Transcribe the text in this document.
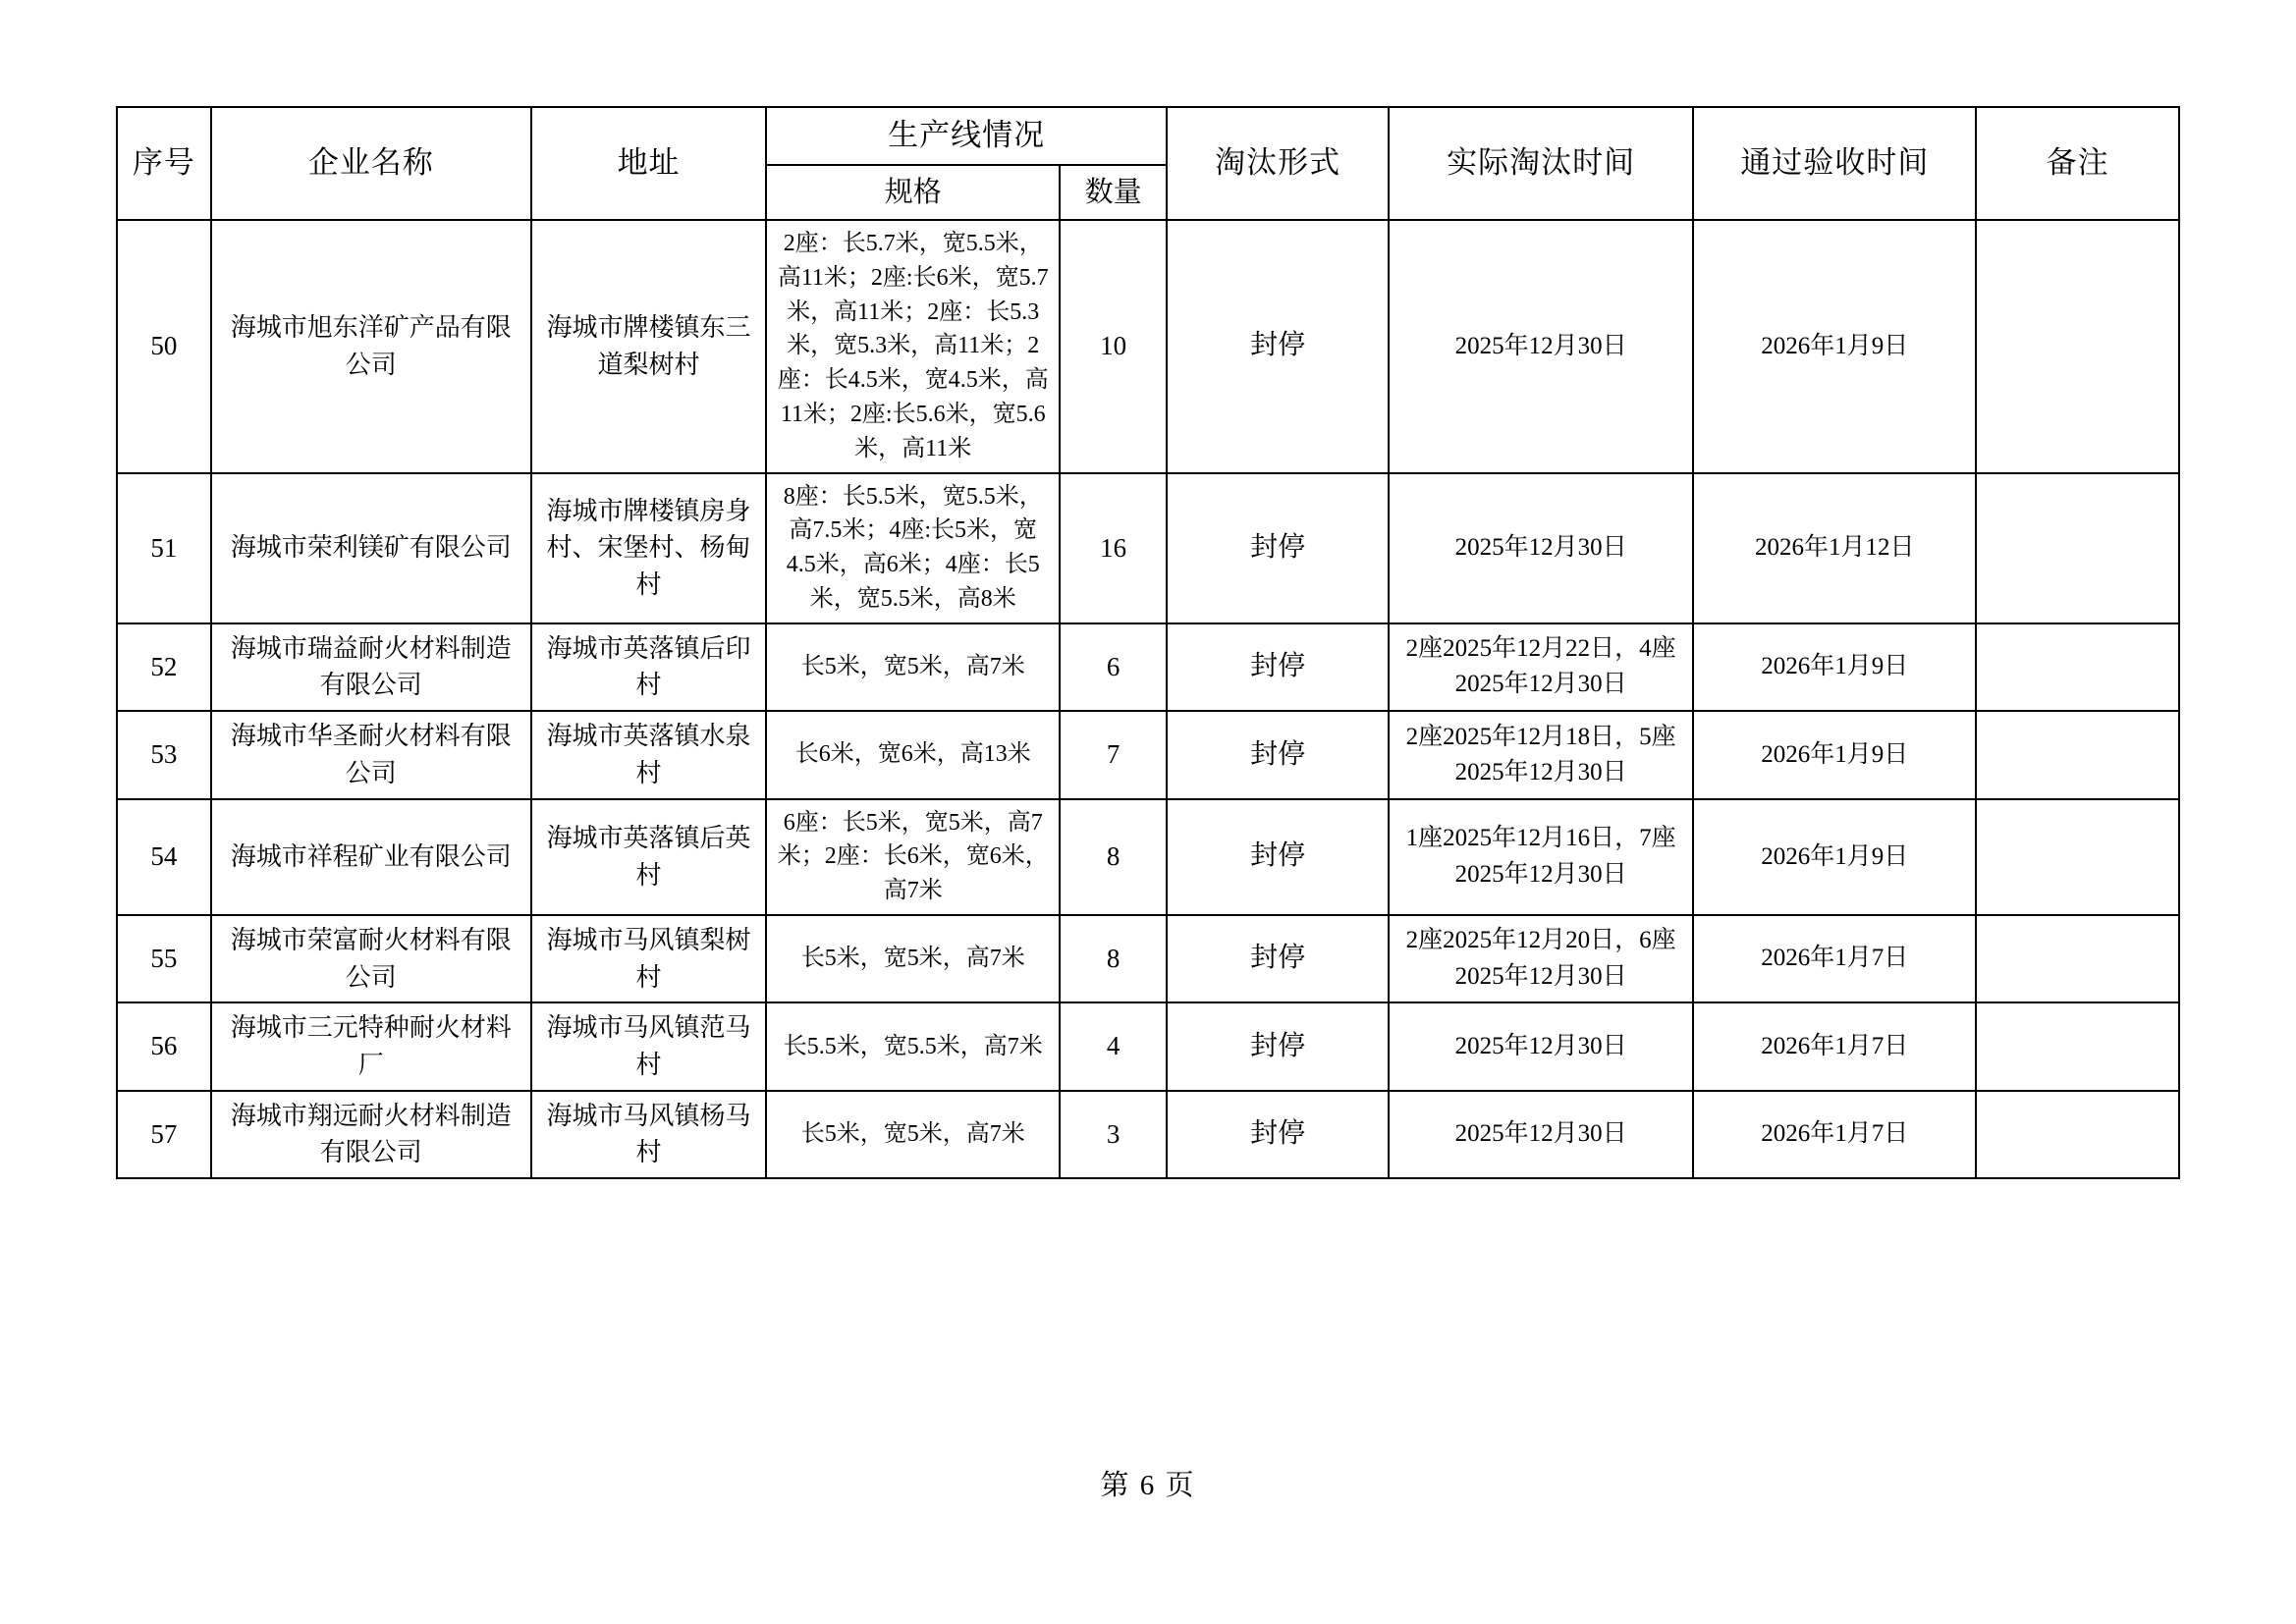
序号	企业名称	地址	生产线情况		淘汰形式	实际淘汰时间	通过验收时间	备注
			规格	数量				
50	海城市旭东洋矿产品有限公司	海城市牌楼镇东三道梨树村	2座：长5.7米，宽5.5米，高11米；2座:长6米，宽5.7米，高11米；2座：长5.3米，宽5.3米，高11米；2座：长4.5米，宽4.5米，高11米；2座:长5.6米，宽5.6米，高11米	10	封停	2025年12月30日	2026年1月9日	
51	海城市荣利镁矿有限公司	海城市牌楼镇房身村、宋堡村、杨甸村	8座：长5.5米，宽5.5米，高7.5米；4座:长5米，宽4.5米，高6米；4座：长5米，宽5.5米，高8米	16	封停	2025年12月30日	2026年1月12日	
52	海城市瑞益耐火材料制造有限公司	海城市英落镇后印村	长5米，宽5米，高7米	6	封停	2座2025年12月22日，4座2025年12月30日	2026年1月9日	
53	海城市华圣耐火材料有限公司	海城市英落镇水泉村	长6米，宽6米，高13米	7	封停	2座2025年12月18日，5座2025年12月30日	2026年1月9日	
54	海城市祥程矿业有限公司	海城市英落镇后英村	6座：长5米，宽5米，高7米；2座：长6米，宽6米，高7米	8	封停	1座2025年12月16日，7座2025年12月30日	2026年1月9日	
55	海城市荣富耐火材料有限公司	海城市马风镇梨树村	长5米，宽5米，高7米	8	封停	2座2025年12月20日，6座2025年12月30日	2026年1月7日	
56	海城市三元特种耐火材料厂	海城市马风镇范马村	长5.5米，宽5.5米，高7米	4	封停	2025年12月30日	2026年1月7日	
57	海城市翔远耐火材料制造有限公司	海城市马风镇杨马村	长5米，宽5米，高7米	3	封停	2025年12月30日	2026年1月7日	
第 6 页
